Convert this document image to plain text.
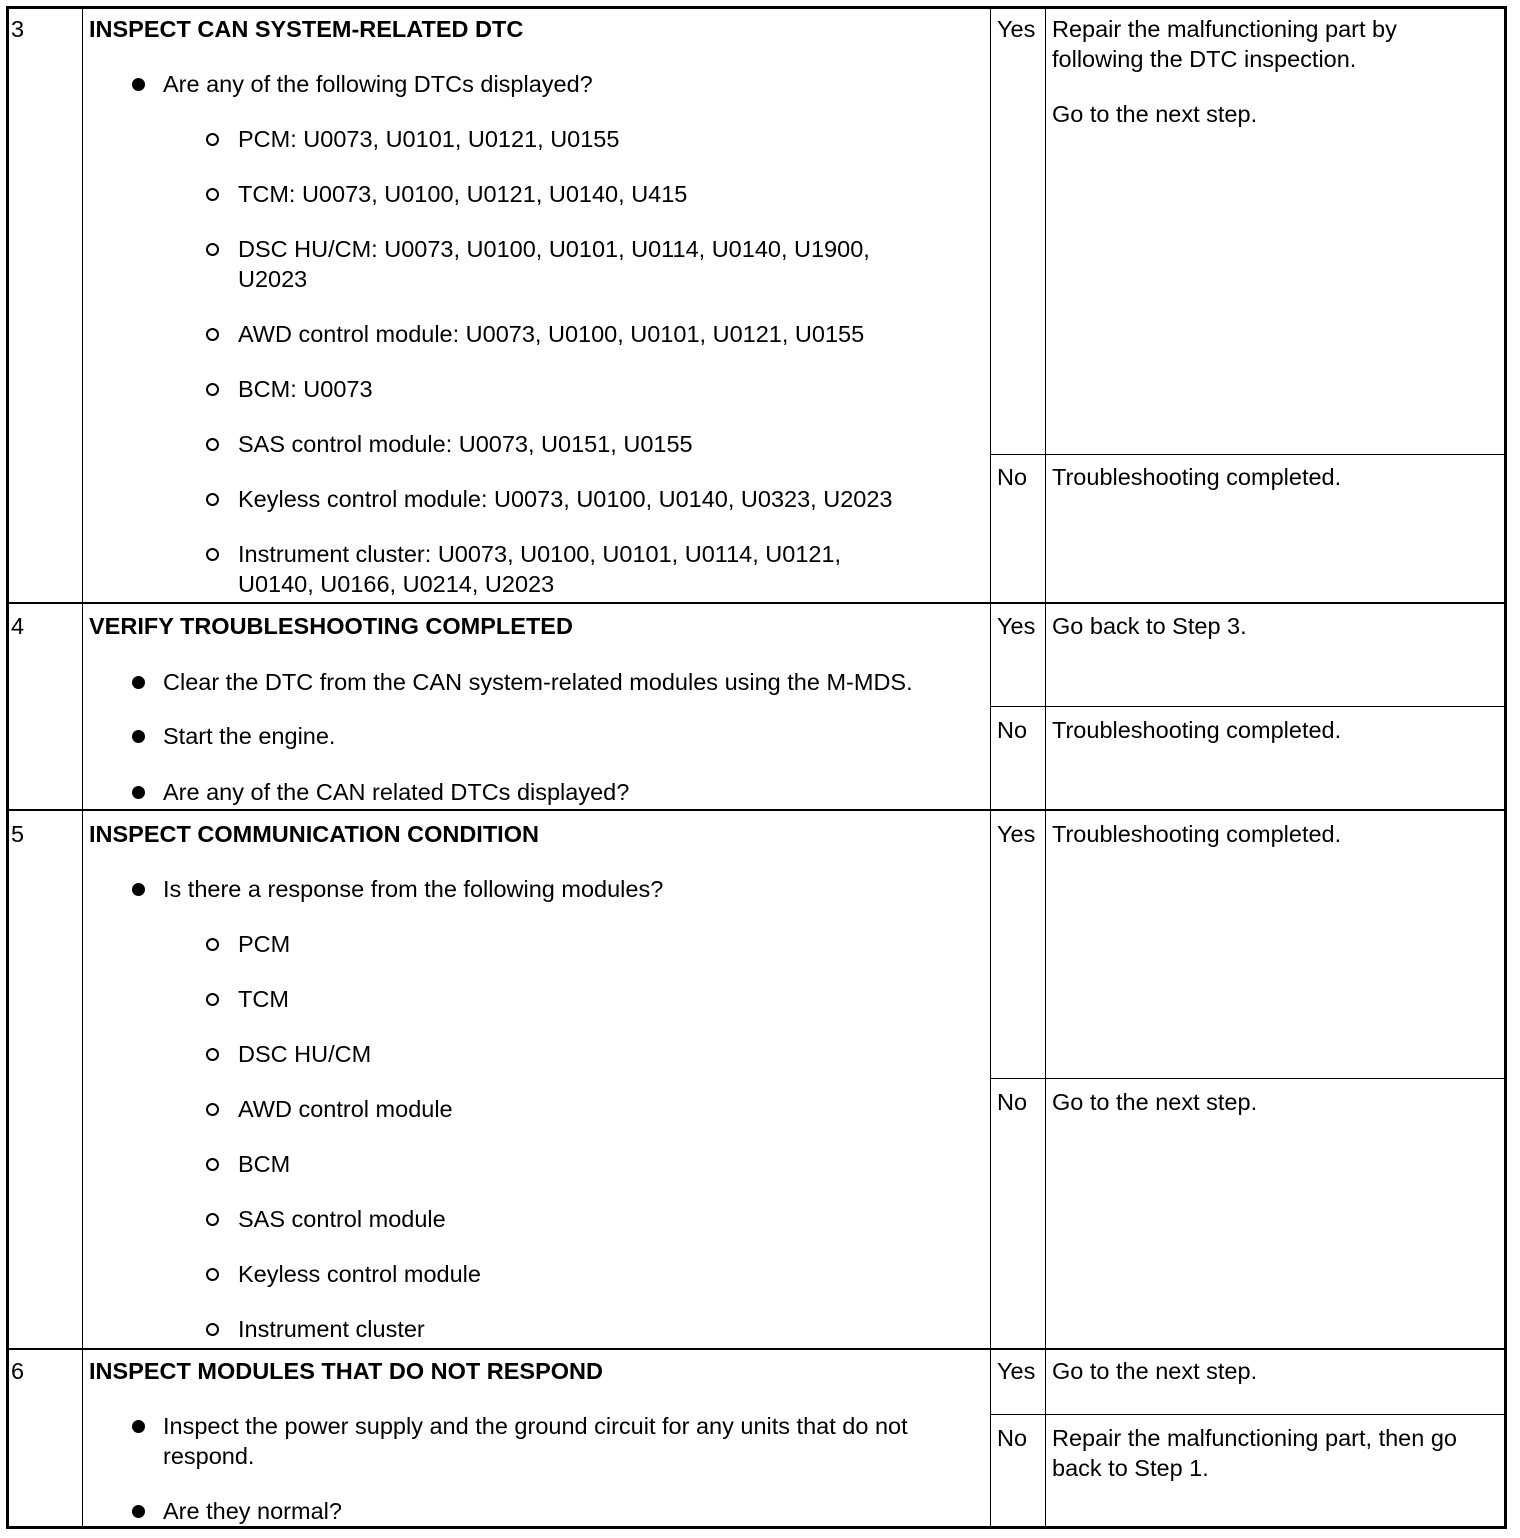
3	INSPECT CAN SYSTEM-RELATED DTC
Are any of the following DTCs displayed?
PCM: U0073, U0101, U0121, U0155
TCM: U0073, U0100, U0121, U0140, U415
DSC HU/CM: U0073, U0100, U0101, U0114, U0140, U1900,
U2023
AWD control module: U0073, U0100, U0101, U0121, U0155
BCM: U0073
SAS control module: U0073, U0151, U0155
Keyless control module: U0073, U0100, U0140, U0323, U2023
Instrument cluster: U0073, U0100, U0101, U0114, U0121,
U0140, U0166, U0214, U2023
Yes Repair the malfunctioning part by
following the DTC inspection.
Go to the next step.
No Troubleshooting completed.
4	VERIFY TROUBLESHOOTING COMPLETED
Clear the DTC from the CAN system-related modules using the M-MDS.
Start the engine.
Are any of the CAN related DTCs displayed?
Yes Go back to Step 3.
No Troubleshooting completed.
5	INSPECT COMMUNICATION CONDITION
Is there a response from the following modules?
PCM
TCM
DSC HU/CM
AWD control module
BCM
SAS control module
Keyless control module
Instrument cluster
Yes Troubleshooting completed.
No Go to the next step.
6	INSPECT MODULES THAT DO NOT RESPOND
Inspect the power supply and the ground circuit for any units that do not
respond.
Are they normal?
Yes Go to the next step.
No Repair the malfunctioning part, then go
back to Step 1.
